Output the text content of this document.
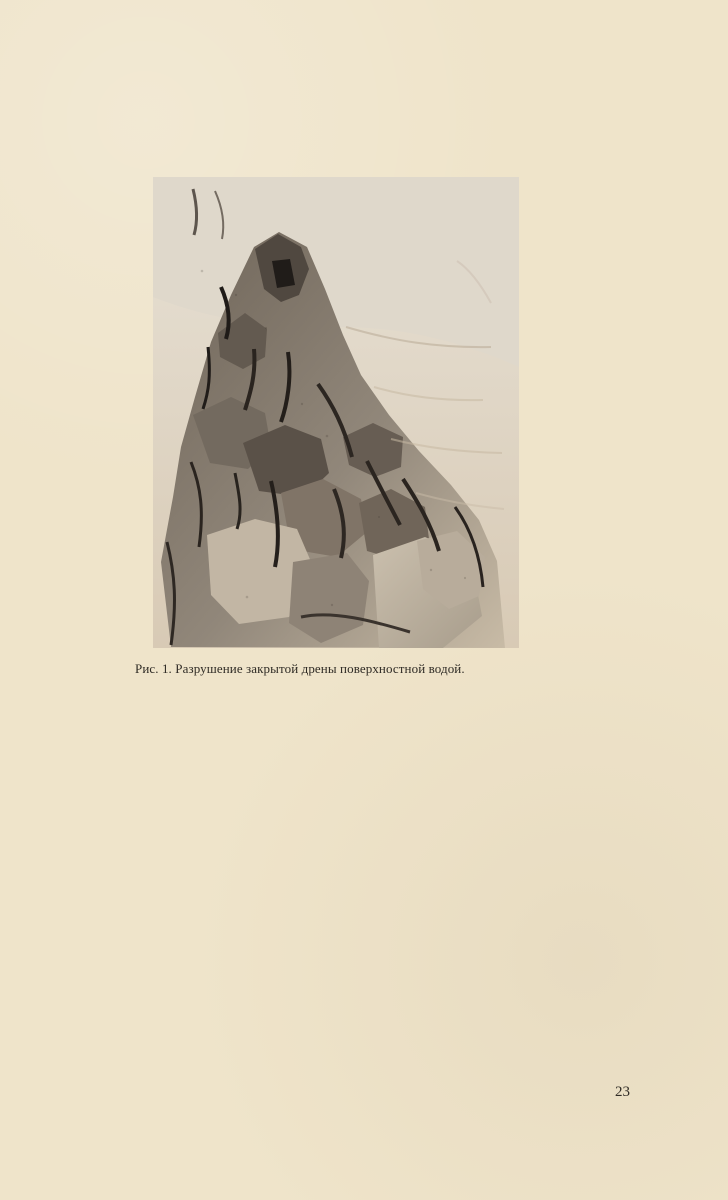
Рис. 1. Разрушение закрытой дрены поверхностной водой.

23
